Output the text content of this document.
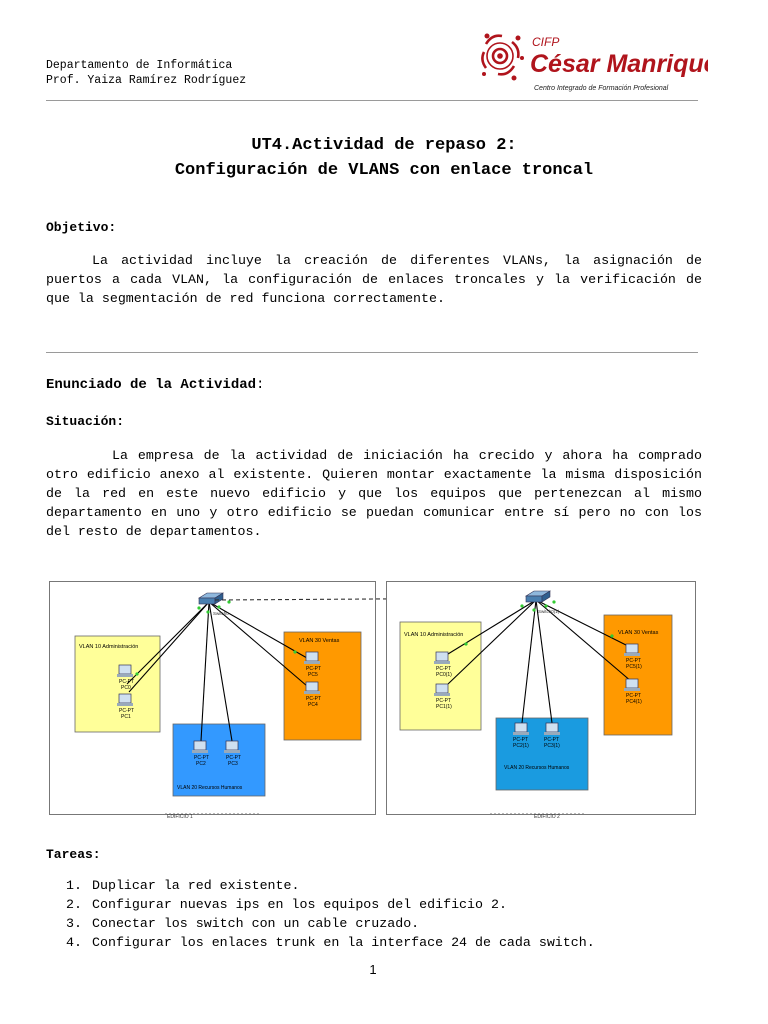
Departamento de Informática
Prof. Yaiza Ramírez Rodríguez
CIFP
César Manrique
Centro Integrado de Formación Profesional
UT4.Actividad de repaso 2:
Configuración de VLANS con enlace troncal
Objetivo:
La actividad incluye la creación de diferentes VLANs, la asignación de puertos a cada VLAN, la configuración de enlaces troncales y la verificación de que la segmentación de red funciona correctamente.
Enunciado de la Actividad:
Situación:
La empresa de la actividad de iniciación ha crecido y ahora ha comprado otro edificio anexo al existente. Quieren montar exactamente la misma disposición de la red en este nuevo edificio y que los equipos que pertenezcan al mismo departamento en uno y otro edificio se puedan comunicar entre sí pero no con los del resto de departamentos.
VLAN 10 Administración
VLAN 30 Ventas
VLAN 20 Recursos Humanos
Switch0
PC-PT
PC0
PC-PT
PC1
PC-PT
PC2
PC-PT
PC3
PC-PT
PC5
PC-PT
PC4
EDIFICIO 1
VLAN 10 Administración	VLAN 30 Ventas
VLAN 20 Recursos Humanos
Switch0(1)
PC-PT
PC0(1)
PC-PT
PC1(1)
PC-PT
PC2(1)
PC-PT
PC3(1)
PC-PT
PC5(1)
PC-PT
PC4(1)
EDIFICIO 2
Tareas:
1. Duplicar la red existente.
2. Configurar nuevas ips en los equipos del edificio 2.
3. Conectar los switch con un cable cruzado.
4. Configurar los enlaces trunk en la interface 24 de cada switch.
1
